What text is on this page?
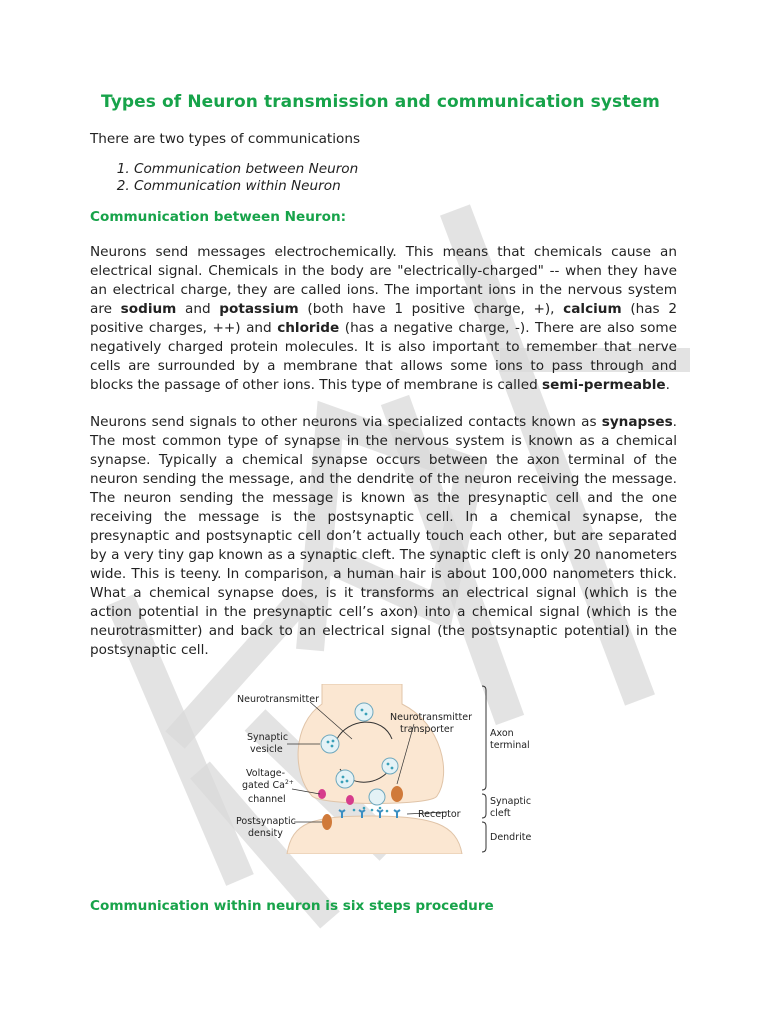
Types of Neuron transmission and communication system

There are two types of communications

1. Communication between Neuron
2. Communication within Neuron
Communication between Neuron:

Neurons send messages electrochemically. This means that chemicals cause an electrical signal. Chemicals in the body are "electrically-charged" -- when they have an electrical charge, they are called ions. The important ions in the nervous system are sodium and potassium (both have 1 positive charge, +), calcium (has 2 positive charges, ++) and chloride (has a negative charge, -). There are also some negatively charged protein molecules. It is also important to remember that nerve cells are surrounded by a membrane that allows some ions to pass through and blocks the passage of other ions. This type of membrane is called semi-permeable.

Neurons send signals to other neurons via specialized contacts known as synapses. The most common type of synapse in the nervous system is known as a chemical synapse. Typically a chemical synapse occurs between the axon terminal of the neuron sending the message, and the dendrite of the neuron receiving the message. The neuron sending the message is known as the presynaptic cell and the one receiving the message is the postsynaptic cell. In a chemical synapse, the presynaptic and postsynaptic cell don’t actually touch each other, but are separated by a very tiny gap known as a synaptic cleft. The synaptic cleft is only 20 nanometers wide. This is teeny. In comparison, a human hair is about 100,000 nanometers thick. What a chemical synapse does, is it transforms an electrical signal (which is the action potential in the presynaptic cell’s axon) into a chemical signal (which is the neurotrasmitter) and back to an electrical signal (the postsynaptic potential) in the postsynaptic cell.

Neurotransmitter
Synaptic
vesicle
Voltage-
gated $Ca^{2+}$
channel
Postsynaptic
density
Neurotransmitter
transporter
Receptor
Axon
terminal
Synaptic
cleft
Dendrite
Communication within neuron is six steps procedure
